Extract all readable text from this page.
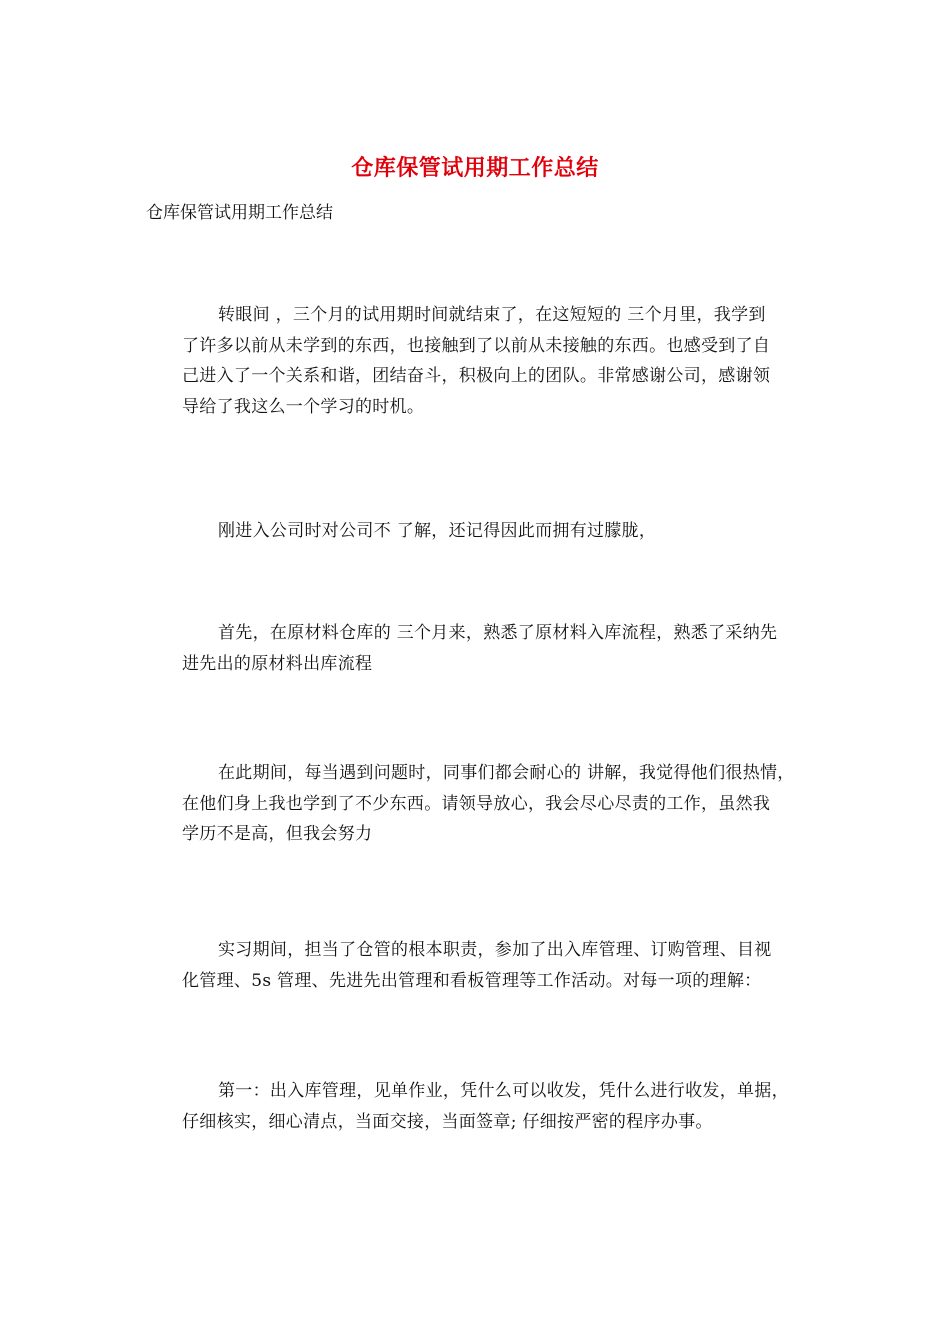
仓库保管试用期工作总结
仓库保管试用期工作总结
转眼间 ，三个月的试用期时间就结束了，在这短短的 三个月里，我学到
了许多以前从未学到的东西，也接触到了以前从未接触的东西。也感受到了自
己进入了一个关系和谐，团结奋斗，积极向上的团队。非常感谢公司，感谢领
导给了我这么一个学习的时机。
刚进入公司时对公司不 了解，还记得因此而拥有过朦胧，
首先，在原材料仓库的 三个月来，熟悉了原材料入库流程，熟悉了采纳先
进先出的原材料出库流程
在此期间，每当遇到问题时，同事们都会耐心的 讲解，我觉得他们很热情，
在他们身上我也学到了不少东西。请领导放心，我会尽心尽责的工作，虽然我
学历不是高，但我会努力
实习期间，担当了仓管的根本职责，参加了出入库管理、订购管理、目视
化管理、5s 管理、先进先出管理和看板管理等工作活动。对每一项的理解：
第一：出入库管理，见单作业，凭什么可以收发，凭什么进行收发，单据，
仔细核实，细心清点，当面交接，当面签章; 仔细按严密的程序办事。
